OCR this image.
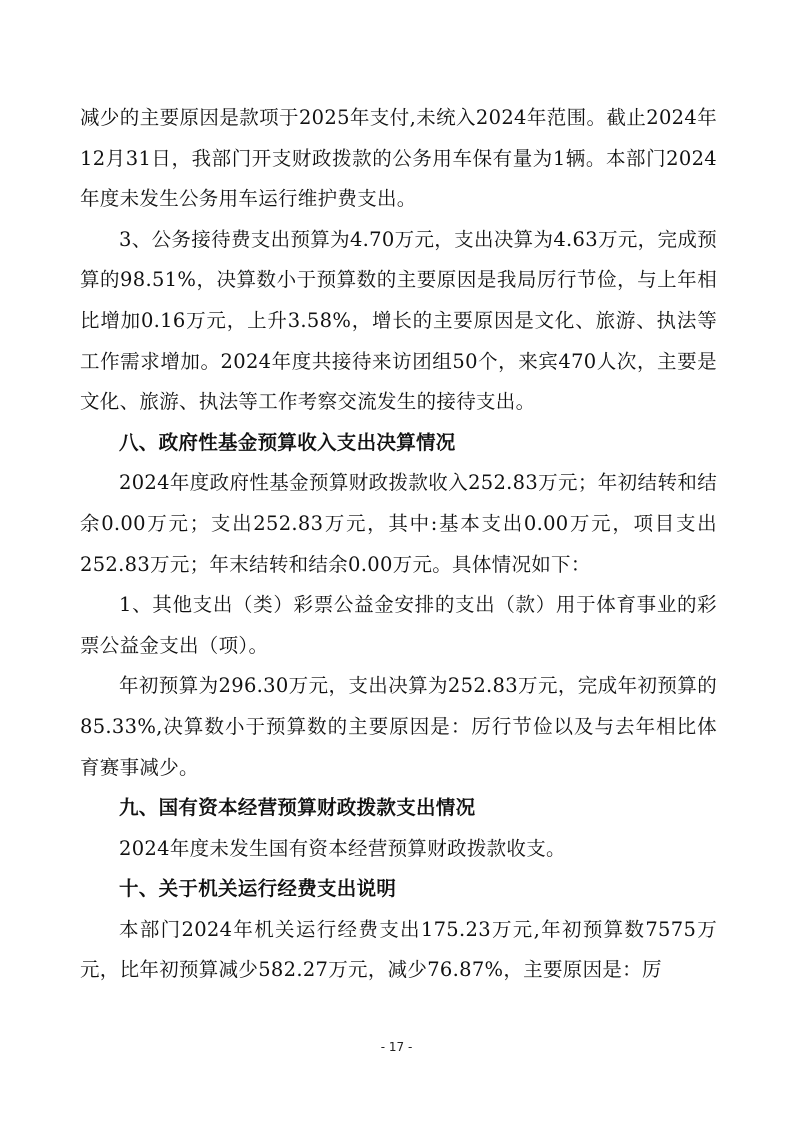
减少的主要原因是款项于2025年支付,未统入2024年范围。截止2024年12月31日，我部门开支财政拨款的公务用车保有量为1辆。本部门2024年度未发生公务用车运行维护费支出。

3、公务接待费支出预算为4.70万元，支出决算为4.63万元，完成预算的98.51%，决算数小于预算数的主要原因是我局厉行节俭，与上年相比增加0.16万元，上升3.58%，增长的主要原因是文化、旅游、执法等工作需求增加。2024年度共接待来访团组50个，来宾470人次，主要是文化、旅游、执法等工作考察交流发生的接待支出。

八、政府性基金预算收入支出决算情况

2024年度政府性基金预算财政拨款收入252.83万元；年初结转和结余0.00万元；支出252.83万元，其中:基本支出0.00万元，项目支出252.83万元；年末结转和结余0.00万元。具体情况如下：

1、其他支出（类）彩票公益金安排的支出（款）用于体育事业的彩票公益金支出（项）。

年初预算为296.30万元，支出决算为252.83万元，完成年初预算的85.33%,决算数小于预算数的主要原因是：厉行节俭以及与去年相比体育赛事减少。

九、国有资本经营预算财政拨款支出情况

2024年度未发生国有资本经营预算财政拨款收支。

十、关于机关运行经费支出说明

本部门2024年机关运行经费支出175.23万元,年初预算数7575万元，比年初预算减少582.27万元，减少76.87%，主要原因是：厉

- 17 -
